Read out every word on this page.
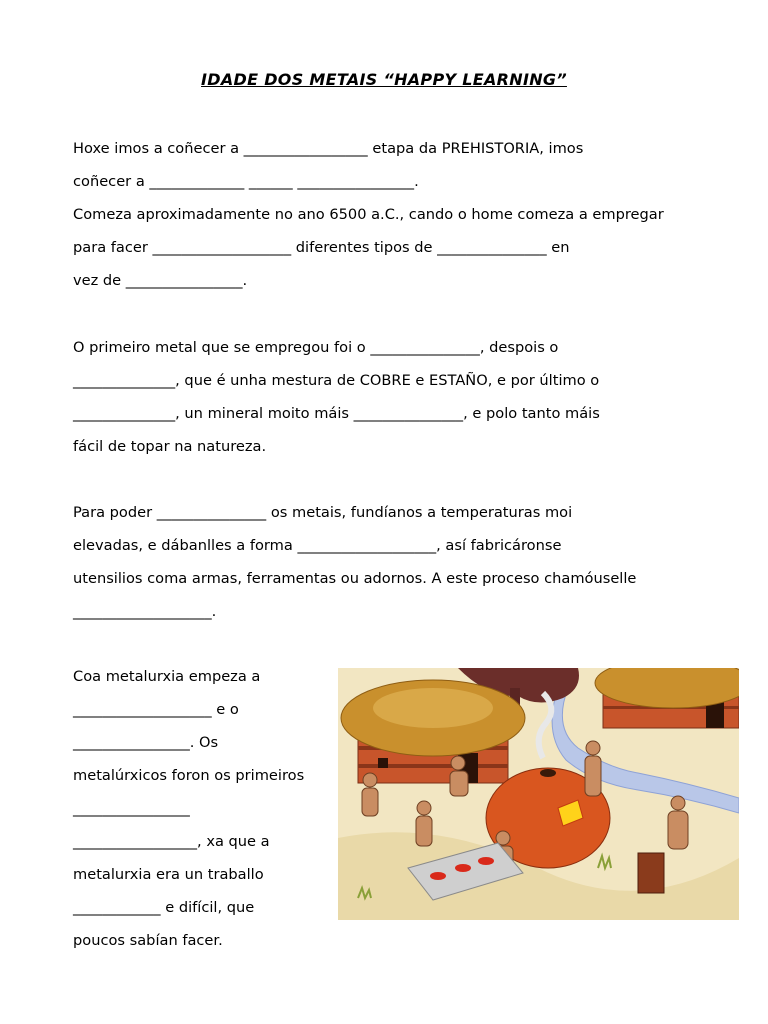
IDADE DOS METAIS “HAPPY LEARNING”
Hoxe imos a coñecer a _________________ etapa da PREHISTORIA, imos
coñecer a _____________ ______ ________________.
Comeza aproximadamente no ano 6500 a.C., cando o home comeza a empregar
para facer ___________________ diferentes tipos de _______________ en
vez de ________________.
O primeiro metal que se empregou foi o _______________, despois o
______________, que é unha mestura de COBRE e ESTAÑO, e por último o
______________, un mineral moito máis _______________, e polo tanto máis
fácil de topar na natureza.
Para poder _______________ os metais, fundíanos a temperaturas moi
elevadas, e dábanlles a forma ___________________, así fabricáronse
utensilios coma armas, ferramentas ou adornos. A este proceso chamóuselle
___________________.
Coa metalurxia empeza a
___________________ e o
________________. Os
metalúrxicos foron os primeiros
________________
_________________, xa que a
metalurxia era un traballo
____________ e difícil, que
poucos sabían facer.
